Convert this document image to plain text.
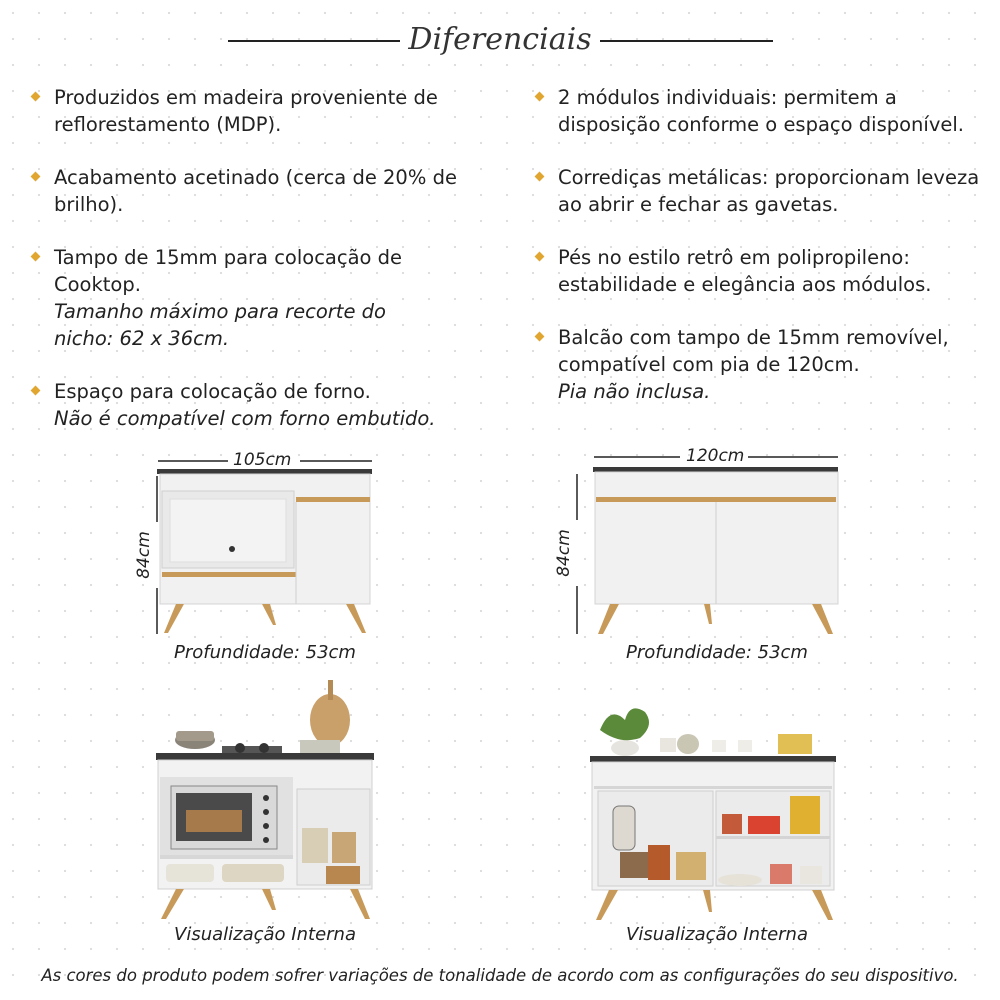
Diferenciais
Produzidos em madeira proveniente de reflorestamento (MDP).
Acabamento acetinado (cerca de 20% de brilho).
Tampo de 15mm para colocação de Cooktop.
Tamanho máximo para recorte do nicho: 62 x 36cm.
Espaço para colocação de forno.
Não é compatível com forno embutido.
2 módulos individuais: permitem a disposição conforme o espaço disponível.
Corrediças metálicas: proporcionam leveza ao abrir e fechar as gavetas.
Pés no estilo retrô em polipropileno: estabilidade e elegância aos módulos.
Balcão com tampo de 15mm removível, compatível com pia de 120cm.
Pia não inclusa.
105cm
84cm
Profundidade: 53cm
120cm
84cm
Profundidade: 53cm
Visualização Interna	Visualização Interna
As cores do produto podem sofrer variações de tonalidade de acordo com as configurações do seu dispositivo.
